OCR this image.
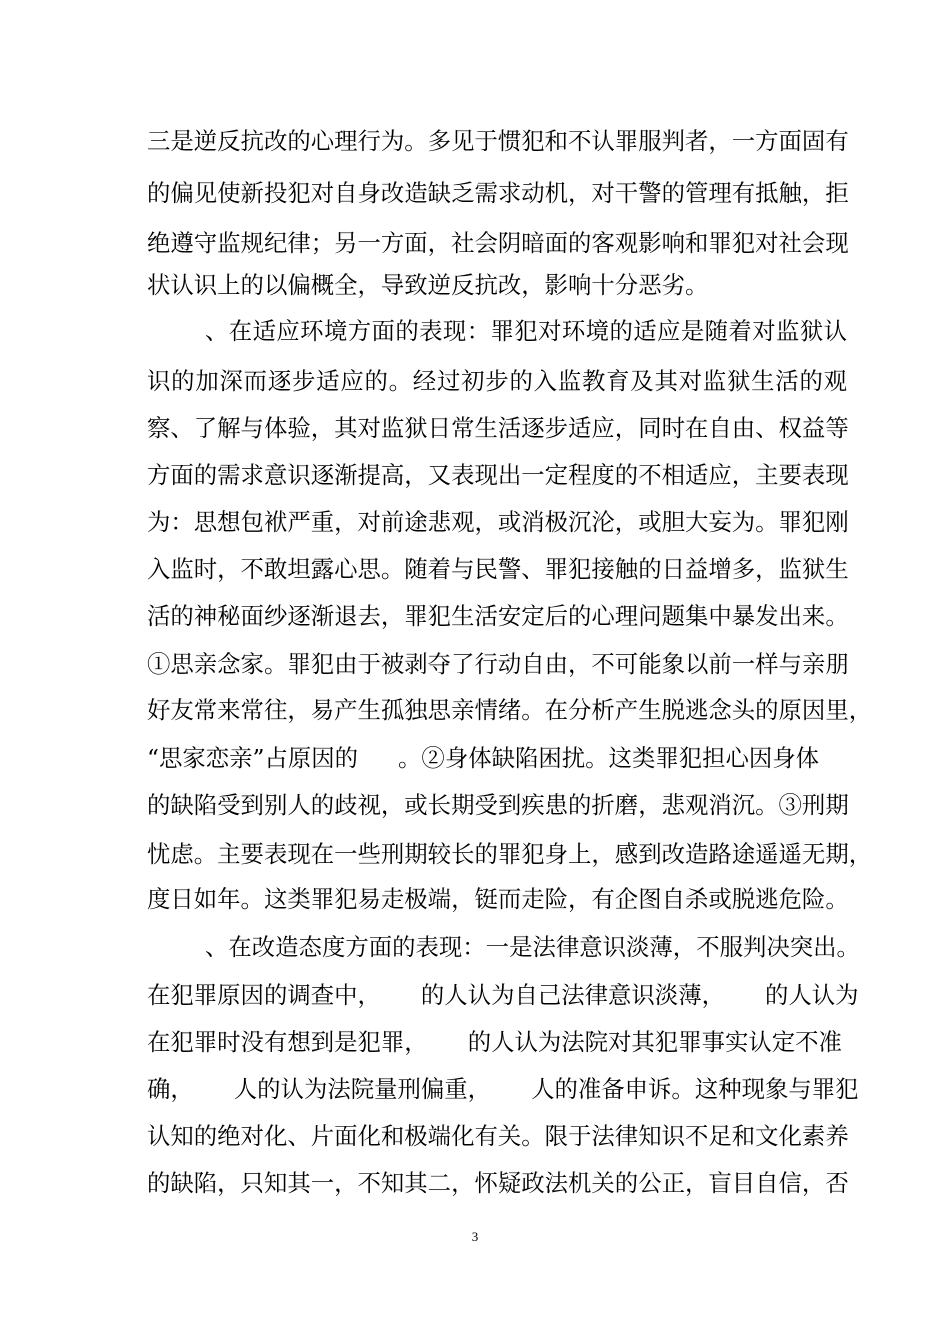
三是逆反抗改的心理行为。多见于惯犯和不认罪服判者，一方面固有
的偏见使新投犯对自身改造缺乏需求动机，对干警的管理有抵触，拒
绝遵守监规纪律；另一方面，社会阴暗面的客观影响和罪犯对社会现
状认识上的以偏概全，导致逆反抗改，影响十分恶劣。
、在适应环境方面的表现：罪犯对环境的适应是随着对监狱认
识的加深而逐步适应的。经过初步的入监教育及其对监狱生活的观
察、了解与体验，其对监狱日常生活逐步适应，同时在自由、权益等
方面的需求意识逐渐提高，又表现出一定程度的不相适应，主要表现
为：思想包袱严重，对前途悲观，或消极沉沦，或胆大妄为。罪犯刚
入监时，不敢坦露心思。随着与民警、罪犯接触的日益增多，监狱生
活的神秘面纱逐渐退去，罪犯生活安定后的心理问题集中暴发出来。
①思亲念家。罪犯由于被剥夺了行动自由，不可能象以前一样与亲朋
好友常来常往，易产生孤独思亲情绪。在分析产生脱逃念头的原因里，
“思家恋亲”占原因的 。②身体缺陷困扰。这类罪犯担心因身体
的缺陷受到别人的歧视，或长期受到疾患的折磨，悲观消沉。③刑期
忧虑。主要表现在一些刑期较长的罪犯身上，感到改造路途遥遥无期，
度日如年。这类罪犯易走极端，铤而走险，有企图自杀或脱逃危险。
、在改造态度方面的表现：一是法律意识淡薄，不服判决突出。
在犯罪原因的调查中， 的人认为自己法律意识淡薄， 的人认为
在犯罪时没有想到是犯罪， 的人认为法院对其犯罪事实认定不准
确， 人的认为法院量刑偏重， 人的准备申诉。这种现象与罪犯
认知的绝对化、片面化和极端化有关。限于法律知识不足和文化素养
的缺陷，只知其一，不知其二，怀疑政法机关的公正，盲目自信，否
3
